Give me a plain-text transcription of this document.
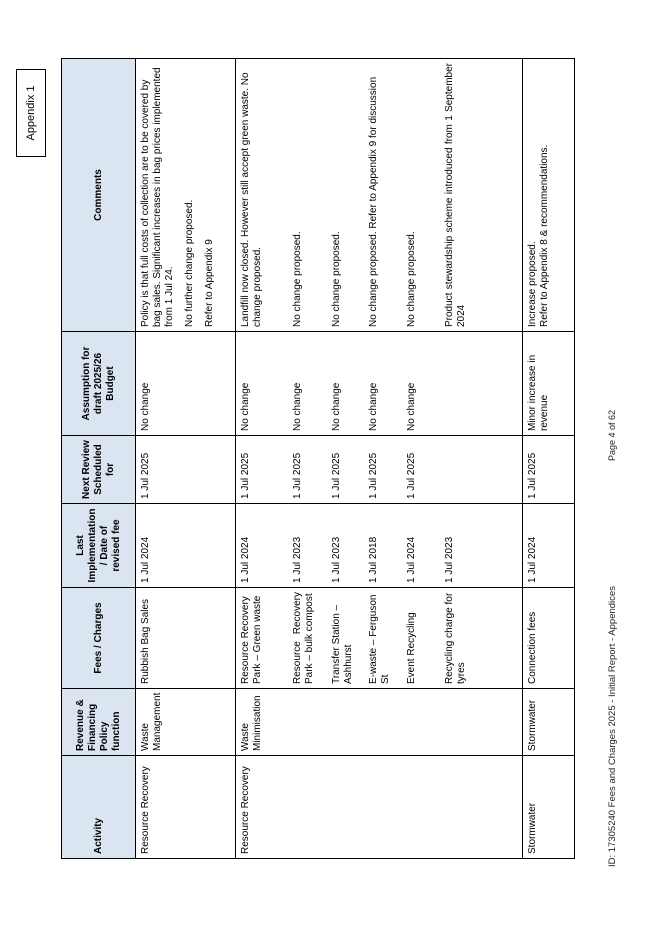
Appendix 1
Activity	Revenue & Financing Policy function	Fees / Charges	Last Implementation / Date of revised fee	Next Review Scheduled for	Assumption for draft 2025/26 Budget	Comments
Resource Recovery	Waste Management	Rubbish Bag Sales	1 Jul 2024	1 Jul 2025	No change	Policy is that full costs of collection are to be covered by bag sales. Significant increases in bag prices implemented from 1 Jul 24. No further change proposed. Refer to Appendix 9

Resource Recovery	Waste Minimisation	Resource Recovery Park – Green waste	1 Jul 2024	1 Jul 2025	No change	Landfill now closed. However still accept green waste. No change proposed.
		Resource Recovery Park – bulk compost	1 Jul 2023	1 Jul 2025	No change	No change proposed.
		Transfer Station – Ashhurst	1 Jul 2023	1 Jul 2025	No change	No change proposed.
		E-waste – Ferguson St	1 Jul 2018	1 Jul 2025	No change	No change proposed. Refer to Appendix 9 for discussion
		Event Recycling	1 Jul 2024	1 Jul 2025	No change	No change proposed.
		Recycling charge for tyres	1 Jul 2023			Product stewardship scheme introduced from 1 September 2024
Stormwater	Stormwater	Connection fees	1 Jul 2024	1 Jul 2025	Minor increase in revenue	Increase proposed. Refer to Appendix 8 & recommendations.
ID: 17305240 Fees and Charges 2025 - Initial Report - Appendices
Page 4 of 62
